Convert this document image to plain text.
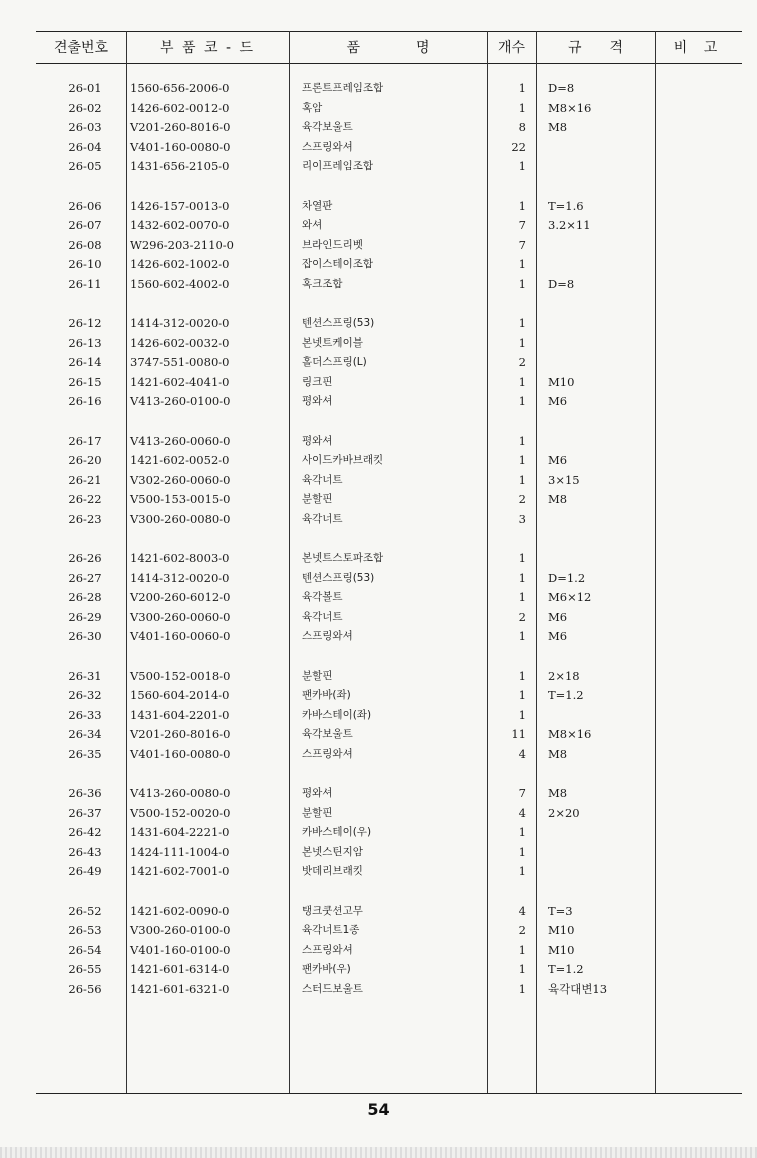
견출번호	부 품 코 - 드	품　　　　명	개수	규　　격	비 고
26-01	1560-656-2006-0	프론트프레임조합	1 D=8
26-02	1426-602-0012-0	혹암	1 M8×16
26-03	V201-260-8016-0	육각보울트	8 M8
26-04	V401-160-0080-0	스프링와셔	22
26-05	1431-656-2105-0	리이프레임조합	1
26-06	1426-157-0013-0	차열판	1 T=1.6
26-07	1432-602-0070-0	와셔	7 3.2×11
26-08	W296-203-2110-0	브라인드리벳	7
26-10	1426-602-1002-0	잡이스테이조합	1
26-11	1560-602-4002-0	혹크조합	1 D=8
26-12	1414-312-0020-0	텐션스프링(53)	1
26-13	1426-602-0032-0	본넷트케이블	1
26-14	3747-551-0080-0	홀더스프링(L)	2
26-15	1421-602-4041-0	링크핀	1 M10
26-16	V413-260-0100-0	평와셔	1 M6
26-17	V413-260-0060-0	평와셔	1
26-20	1421-602-0052-0	사이드카바브래킷	1 M6
26-21	V302-260-0060-0	육각너트	1 3×15
26-22	V500-153-0015-0	분할핀	2 M8
26-23	V300-260-0080-0	육각너트	3
26-26	1421-602-8003-0	본넷트스토파조합	1
26-27	1414-312-0020-0	텐션스프링(53)	1 D=1.2
26-28	V200-260-6012-0	육각볼트	1 M6×12
26-29	V300-260-0060-0	육각너트	2 M6
26-30	V401-160-0060-0	스프링와셔	1 M6
26-31	V500-152-0018-0	분할핀	1 2×18
26-32	1560-604-2014-0	팬카바(좌)	1 T=1.2
26-33	1431-604-2201-0	카바스테이(좌)	1
26-34	V201-260-8016-0	육각보울트	11 M8×16
26-35	V401-160-0080-0	스프링와셔	4 M8
26-36	V413-260-0080-0	평와셔	7 M8
26-37	V500-152-0020-0	분할핀	4 2×20
26-42	1431-604-2221-0	카바스테이(우)	1
26-43	1424-111-1004-0	본넷스틴지암	1
26-49	1421-602-7001-0	밧데리브래킷	1
26-52	1421-602-0090-0	탱크쿳션고무	4 T=3
26-53	V300-260-0100-0	육각너트1종	2 M10
26-54	V401-160-0100-0	스프링와셔	1 M10
26-55	1421-601-6314-0	팬카바(우)	1 T=1.2
26-56	1421-601-6321-0	스터드보울트	1 육각대변13
54
